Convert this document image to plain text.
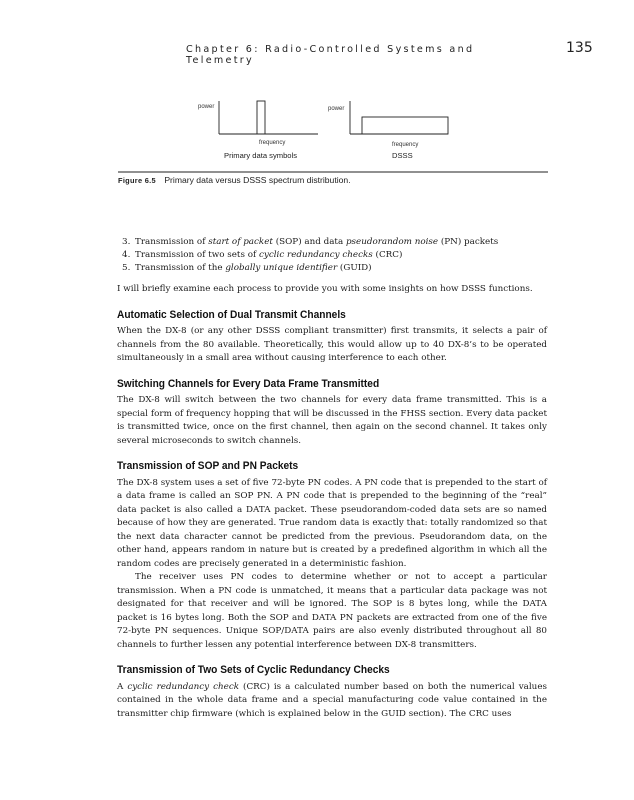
Chapter 6: Radio-Controlled Systems and Telemetry
135
power
frequency
Primary data symbols
power
frequency
DSSS
Figure 6.5 Primary data versus DSSS spectrum distribution.
3. Transmission of start of packet (SOP) and data pseudorandom noise (PN) packets
4. Transmission of two sets of cyclic redundancy checks (CRC)
5. Transmission of the globally unique identifier (GUID)

I will briefly examine each process to provide you with some insights on how DSSS functions.

Automatic Selection of Dual Transmit Channels

When the DX-8 (or any other DSSS compliant transmitter) first transmits, it selects a pair of channels from the 80 available. Theoretically, this would allow up to 40 DX-8’s to be operated simultaneously in a small area without causing interference to each other.

Switching Channels for Every Data Frame Transmitted

The DX-8 will switch between the two channels for every data frame transmitted. This is a special form of frequency hopping that will be discussed in the FHSS section. Every data packet is transmitted twice, once on the first channel, then again on the second channel. It takes only several microseconds to switch channels.

Transmission of SOP and PN Packets

The DX-8 system uses a set of five 72-byte PN codes. A PN code that is prepended to the start of a data frame is called an SOP PN. A PN code that is prepended to the beginning of the “real” data packet is also called a DATA packet. These pseudorandom-coded data sets are so named because of how they are generated. True random data is exactly that: totally randomized so that the next data character cannot be predicted from the previous. Pseudorandom data, on the other hand, appears random in nature but is created by a predefined algorithm in which all the random codes are precisely generated in a deterministic fashion.

The receiver uses PN codes to determine whether or not to accept a particular transmission. When a PN code is unmatched, it means that a particular data package was not designated for that receiver and will be ignored. The SOP is 8 bytes long, while the DATA packet is 16 bytes long. Both the SOP and DATA PN packets are extracted from one of the five 72-byte PN sequences. Unique SOP/DATA pairs are also evenly distributed throughout all 80 channels to further lessen any potential interference between DX-8 transmitters.

Transmission of Two Sets of Cyclic Redundancy Checks

A cyclic redundancy check (CRC) is a calculated number based on both the numerical values contained in the whole data frame and a special manufacturing code value contained in the transmitter chip firmware (which is explained below in the GUID section). The CRC uses
